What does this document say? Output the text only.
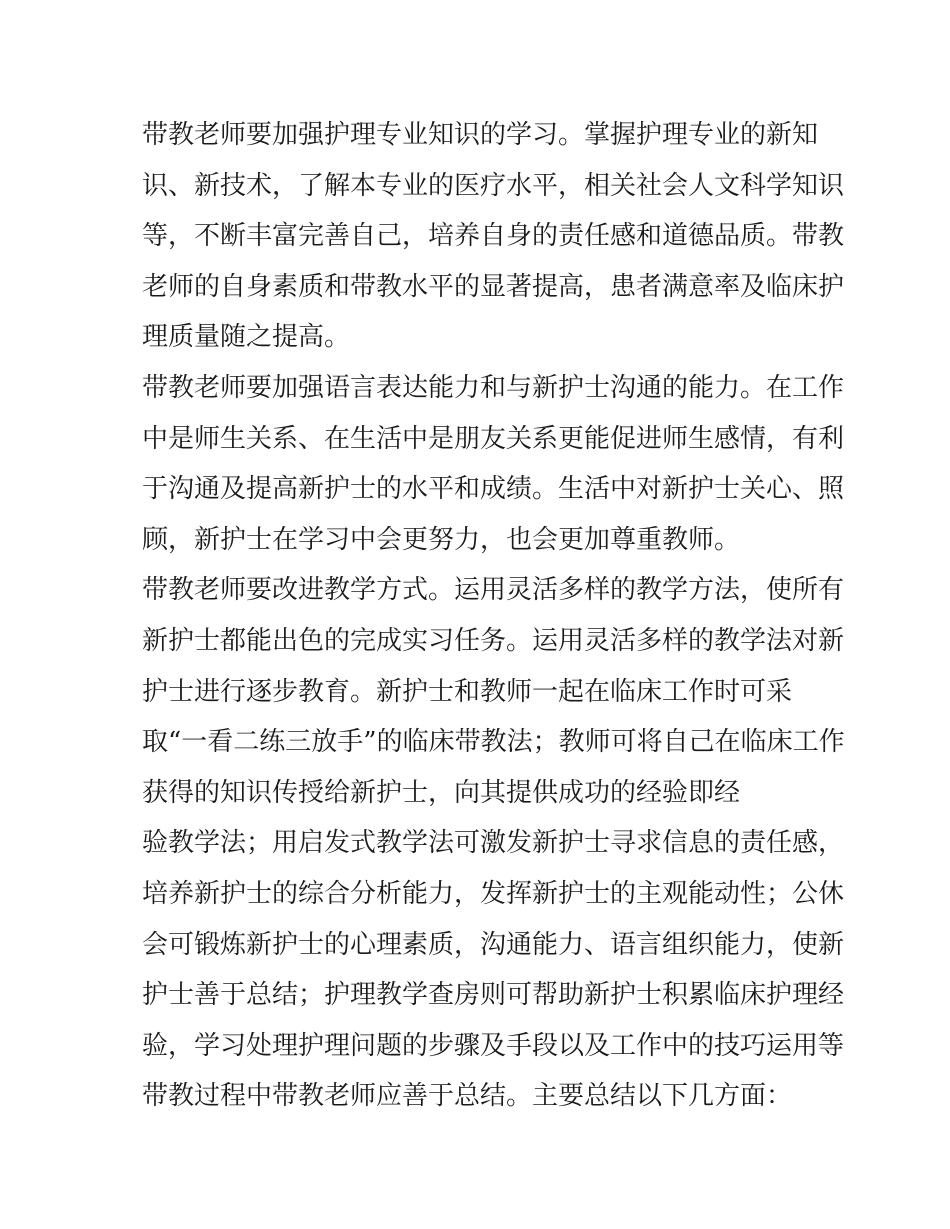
带教老师要加强护理专业知识的学习。掌握护理专业的新知
识、新技术，了解本专业的医疗水平，相关社会人文科学知识
等，不断丰富完善自己，培养自身的责任感和道德品质。带教
老师的自身素质和带教水平的显著提高，患者满意率及临床护
理质量随之提高。
带教老师要加强语言表达能力和与新护士沟通的能力。在工作
中是师生关系、在生活中是朋友关系更能促进师生感情，有利
于沟通及提高新护士的水平和成绩。生活中对新护士关心、照
顾，新护士在学习中会更努力，也会更加尊重教师。
带教老师要改进教学方式。运用灵活多样的教学方法，使所有
新护士都能出色的完成实习任务。运用灵活多样的教学法对新
护士进行逐步教育。新护士和教师一起在临床工作时可采
取“一看二练三放手”的临床带教法；教师可将自己在临床工作
获得的知识传授给新护士，向其提供成功的经验即经
验教学法；用启发式教学法可激发新护士寻求信息的责任感，
培养新护士的综合分析能力，发挥新护士的主观能动性；公休
会可锻炼新护士的心理素质，沟通能力、语言组织能力，使新
护士善于总结；护理教学查房则可帮助新护士积累临床护理经
验，学习处理护理问题的步骤及手段以及工作中的技巧运用等
带教过程中带教老师应善于总结。主要总结以下几方面：
